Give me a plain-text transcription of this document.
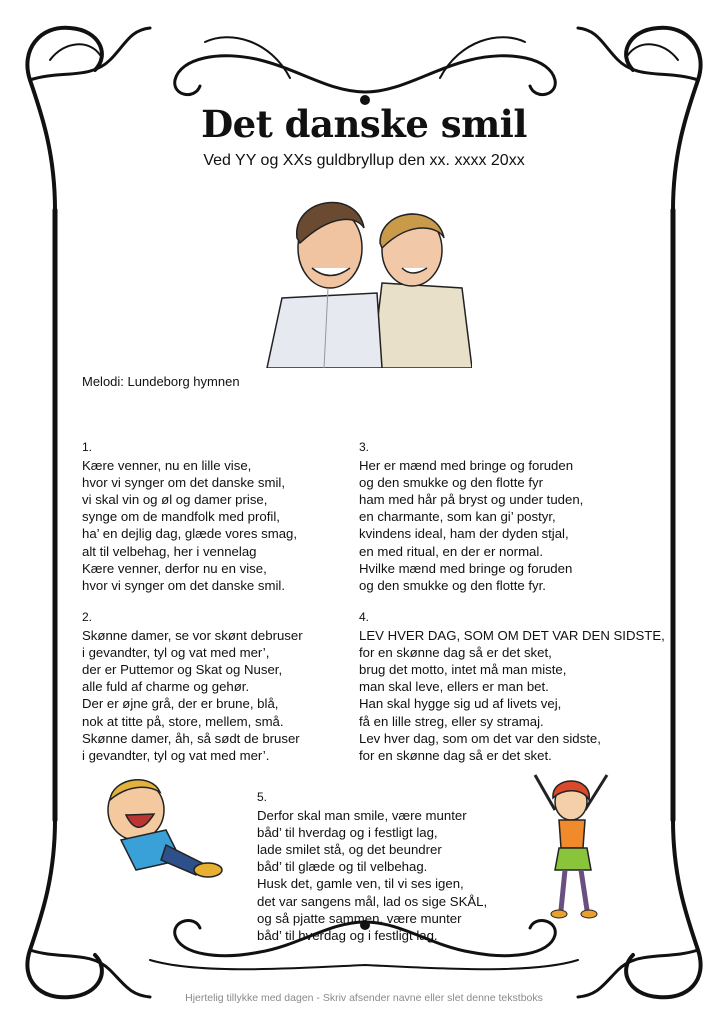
Det danske smil
Ved YY og XXs guldbryllup den xx. xxxx 20xx
Melodi: Lundeborg hymnen

1.
Kære venner, nu en lille vise,
hvor vi synger om det danske smil,
vi skal vin og øl og damer prise,
synge om de mandfolk med profil,
ha’ en dejlig dag, glæde vores smag,
alt til velbehag, her i vennelag
Kære venner, derfor nu en vise,
hvor vi synger om det danske smil.

2.
Skønne damer, se vor skønt debruser
i gevandter, tyl og vat med mer’,
der er Puttemor og Skat og Nuser,
alle fuld af charme og gehør.
Der er øjne grå, der er brune, blå,
nok at titte på, store, mellem, små.
Skønne damer, åh, så sødt de bruser
i gevandter, tyl og vat med mer’.

3.
Her er mænd med bringe og foruden
og den smukke og den flotte fyr
ham med hår på bryst og under tuden,
en charmante, som kan gi’ postyr,
kvindens ideal, ham der dyden stjal,
en med ritual, en der er normal.
Hvilke mænd med bringe og foruden
og den smukke og den flotte fyr.

4.
LEV HVER DAG, SOM OM DET VAR DEN SIDSTE,
for en skønne dag så er det sket,
brug det motto, intet må man miste,
man skal leve, ellers er man bet.
Han skal hygge sig ud af livets vej,
få en lille streg, eller sy stramaj.
Lev hver dag, som om det var den sidste,
for en skønne dag så er det sket.

5.
Derfor skal man smile, være munter
båd’ til hverdag og i festligt lag,
lade smilet stå, og det beundrer
båd’ til glæde og til velbehag.
Husk det, gamle ven, til vi ses igen,
det var sangens mål, lad os sige SKÅL,
og så pjatte sammen, være munter
båd’ til hverdag og i festligt lag.

Hjertelig tillykke med dagen - Skriv afsender navne eller slet denne tekstboks
